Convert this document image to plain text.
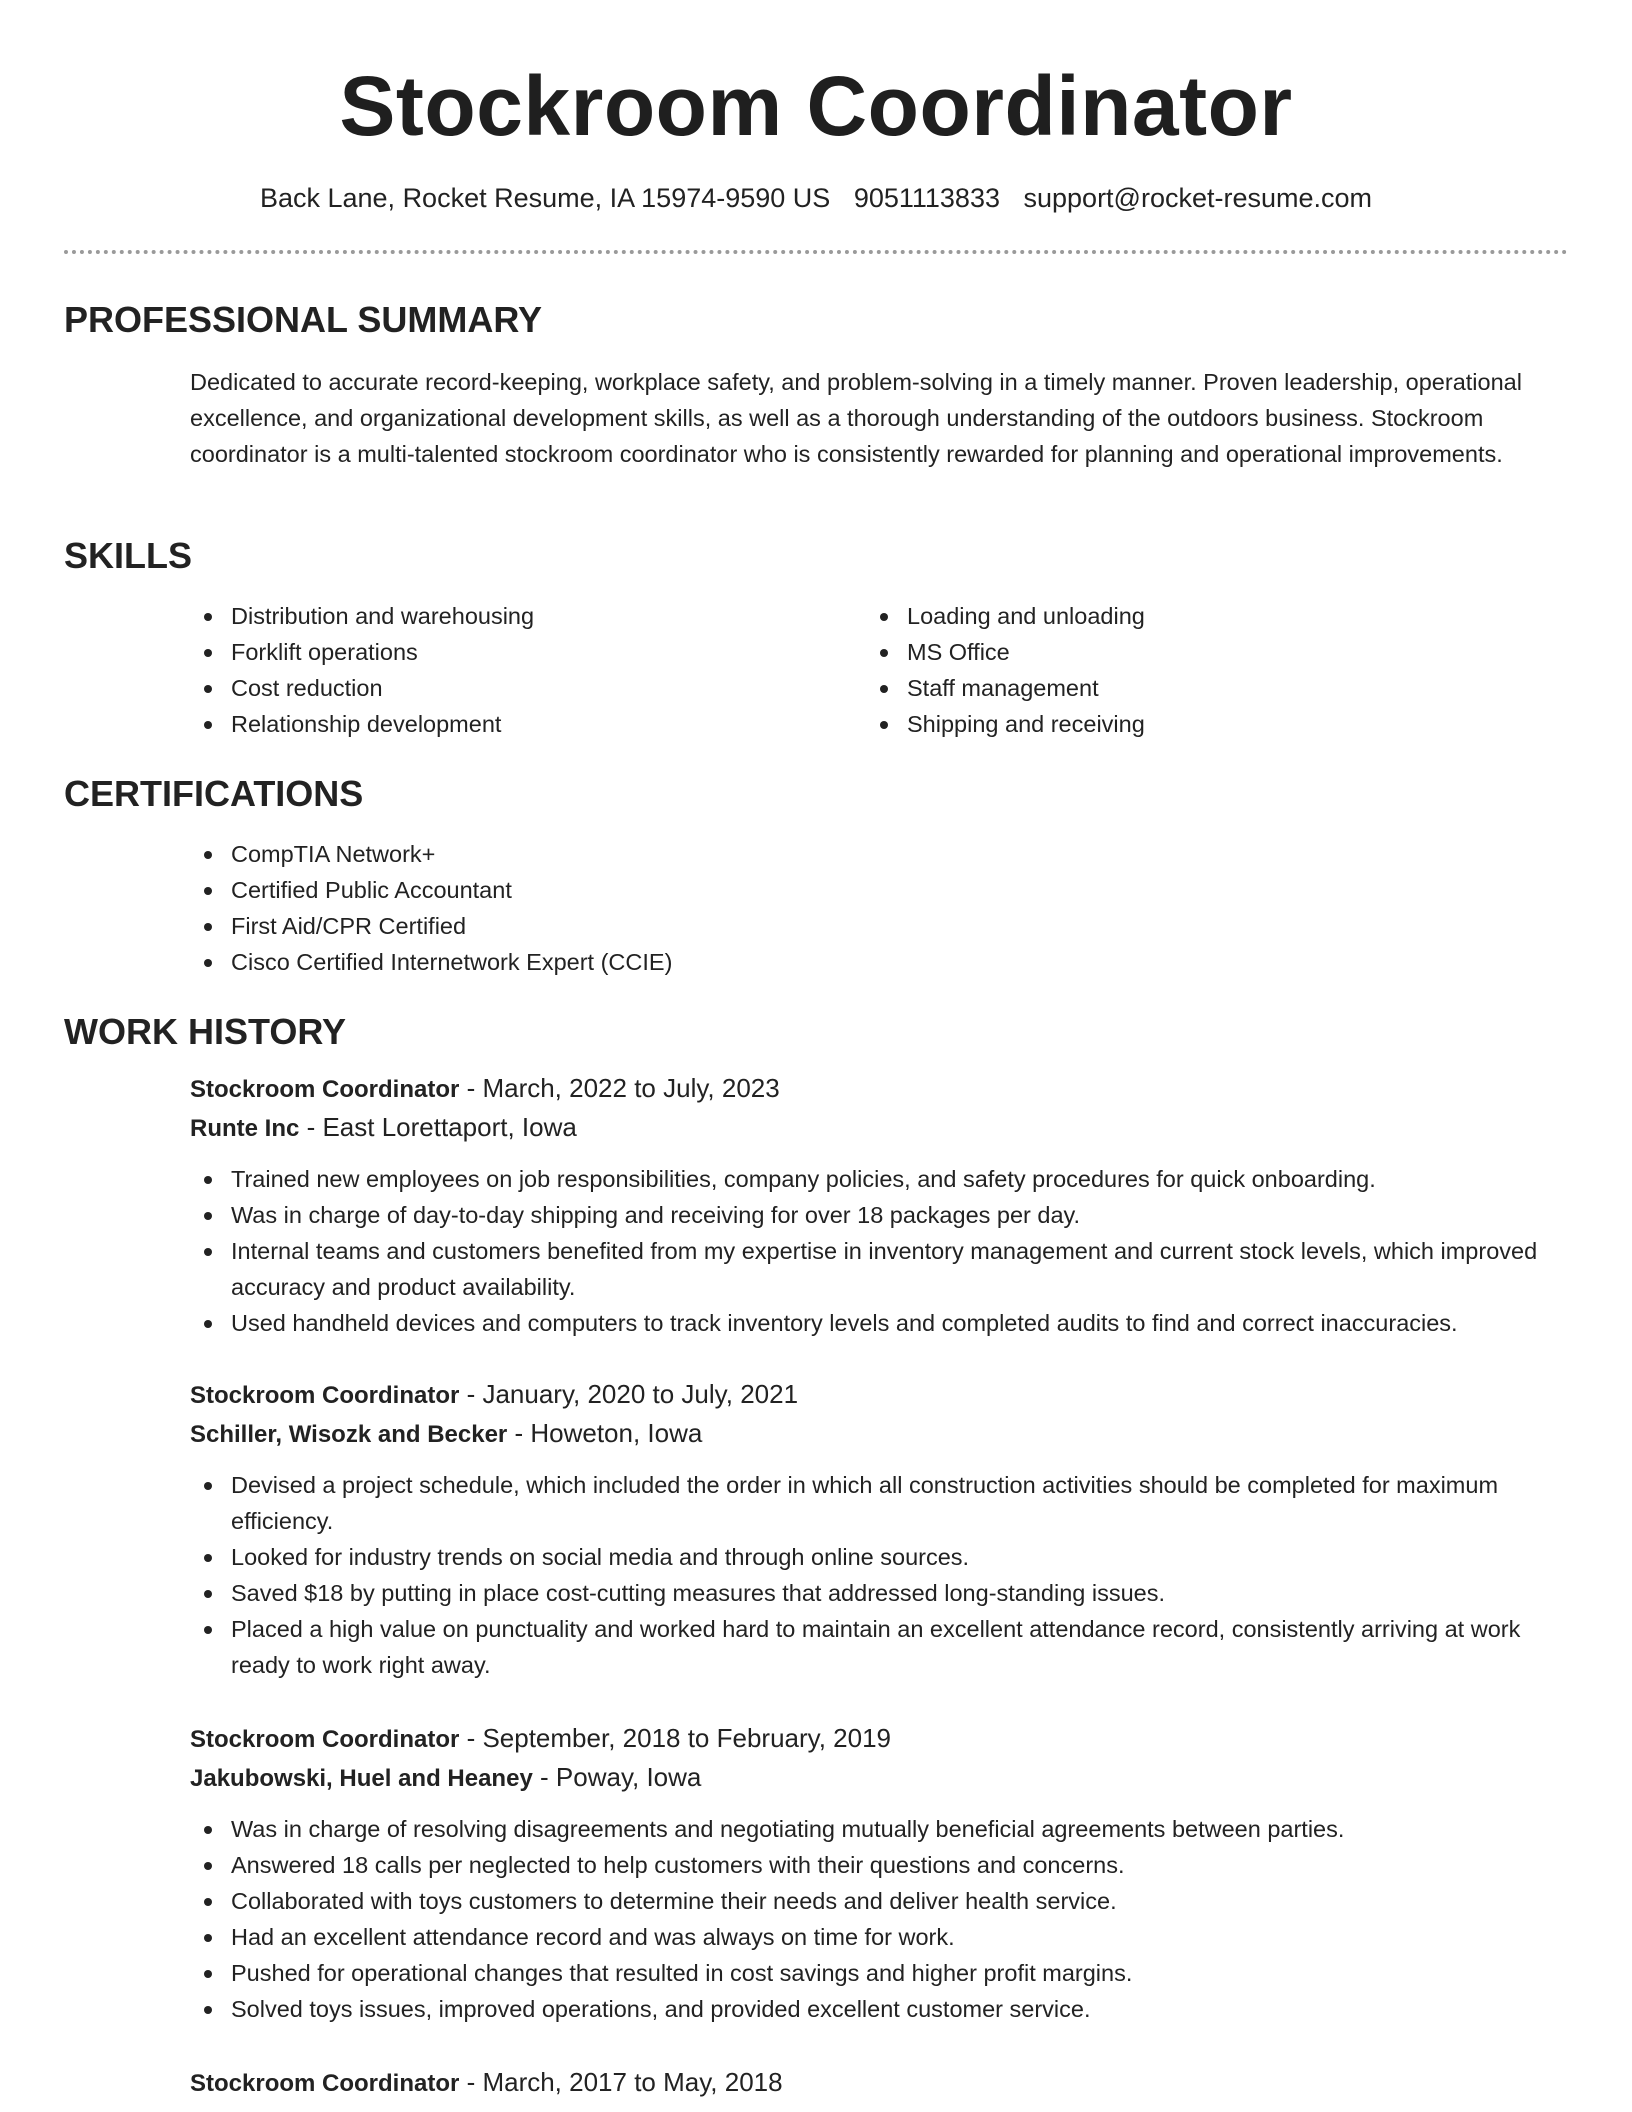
Stockroom Coordinator
Back Lane, Rocket Resume, IA 15974-9590 US 9051113833 support@rocket-resume.com
PROFESSIONAL SUMMARY
Dedicated to accurate record-keeping, workplace safety, and problem-solving in a timely manner. Proven leadership, operational excellence, and organizational development skills, as well as a thorough understanding of the outdoors business. Stockroom coordinator is a multi-talented stockroom coordinator who is consistently rewarded for planning and operational improvements.
SKILLS
Distribution and warehousing
Forklift operations
Cost reduction
Relationship development
Loading and unloading
MS Office
Staff management
Shipping and receiving
CERTIFICATIONS
CompTIA Network+
Certified Public Accountant
First Aid/CPR Certified
Cisco Certified Internetwork Expert (CCIE)
WORK HISTORY
Stockroom Coordinator - March, 2022 to July, 2023
Runte Inc - East Lorettaport, Iowa
Trained new employees on job responsibilities, company policies, and safety procedures for quick onboarding.
Was in charge of day-to-day shipping and receiving for over 18 packages per day.
Internal teams and customers benefited from my expertise in inventory management and current stock levels, which improved accuracy and product availability.
Used handheld devices and computers to track inventory levels and completed audits to find and correct inaccuracies.
Stockroom Coordinator - January, 2020 to July, 2021
Schiller, Wisozk and Becker - Howeton, Iowa
Devised a project schedule, which included the order in which all construction activities should be completed for maximum efficiency.
Looked for industry trends on social media and through online sources.
Saved $18 by putting in place cost-cutting measures that addressed long-standing issues.
Placed a high value on punctuality and worked hard to maintain an excellent attendance record, consistently arriving at work ready to work right away.
Stockroom Coordinator - September, 2018 to February, 2019
Jakubowski, Huel and Heaney - Poway, Iowa
Was in charge of resolving disagreements and negotiating mutually beneficial agreements between parties.
Answered 18 calls per neglected to help customers with their questions and concerns.
Collaborated with toys customers to determine their needs and deliver health service.
Had an excellent attendance record and was always on time for work.
Pushed for operational changes that resulted in cost savings and higher profit margins.
Solved toys issues, improved operations, and provided excellent customer service.
Stockroom Coordinator - March, 2017 to May, 2018
